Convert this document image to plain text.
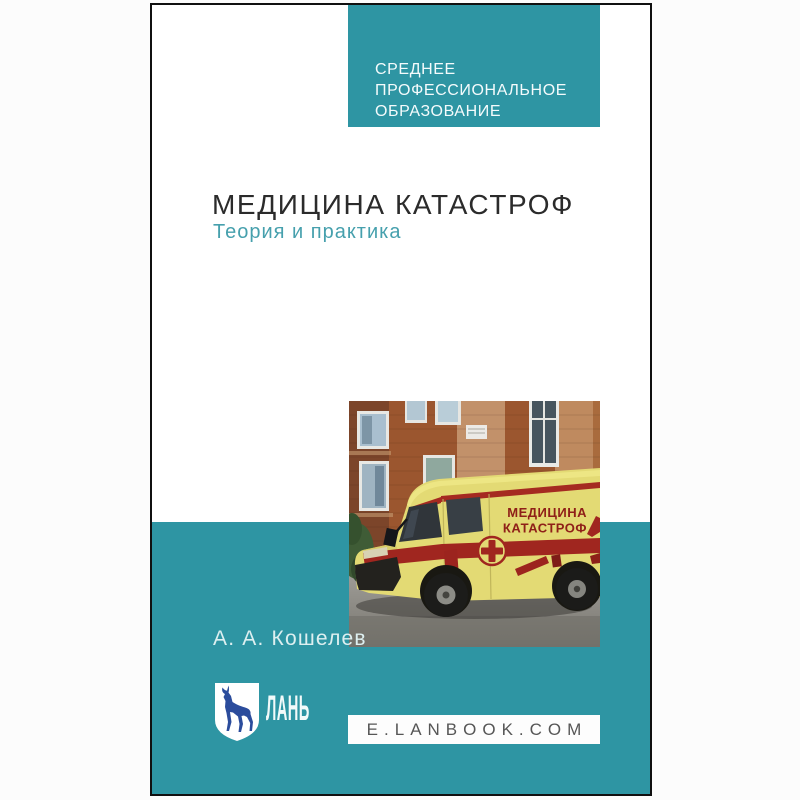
СРЕДНЕЕ
ПРОФЕССИОНАЛЬНОЕ
ОБРАЗОВАНИЕ
МЕДИЦИНА КАТАСТРОФ
Теория и практика
МЕДИЦИНА
КАТАСТРОФ
А. А. Кошелев
ЛАНЬ
E.LANBOOK.COM
